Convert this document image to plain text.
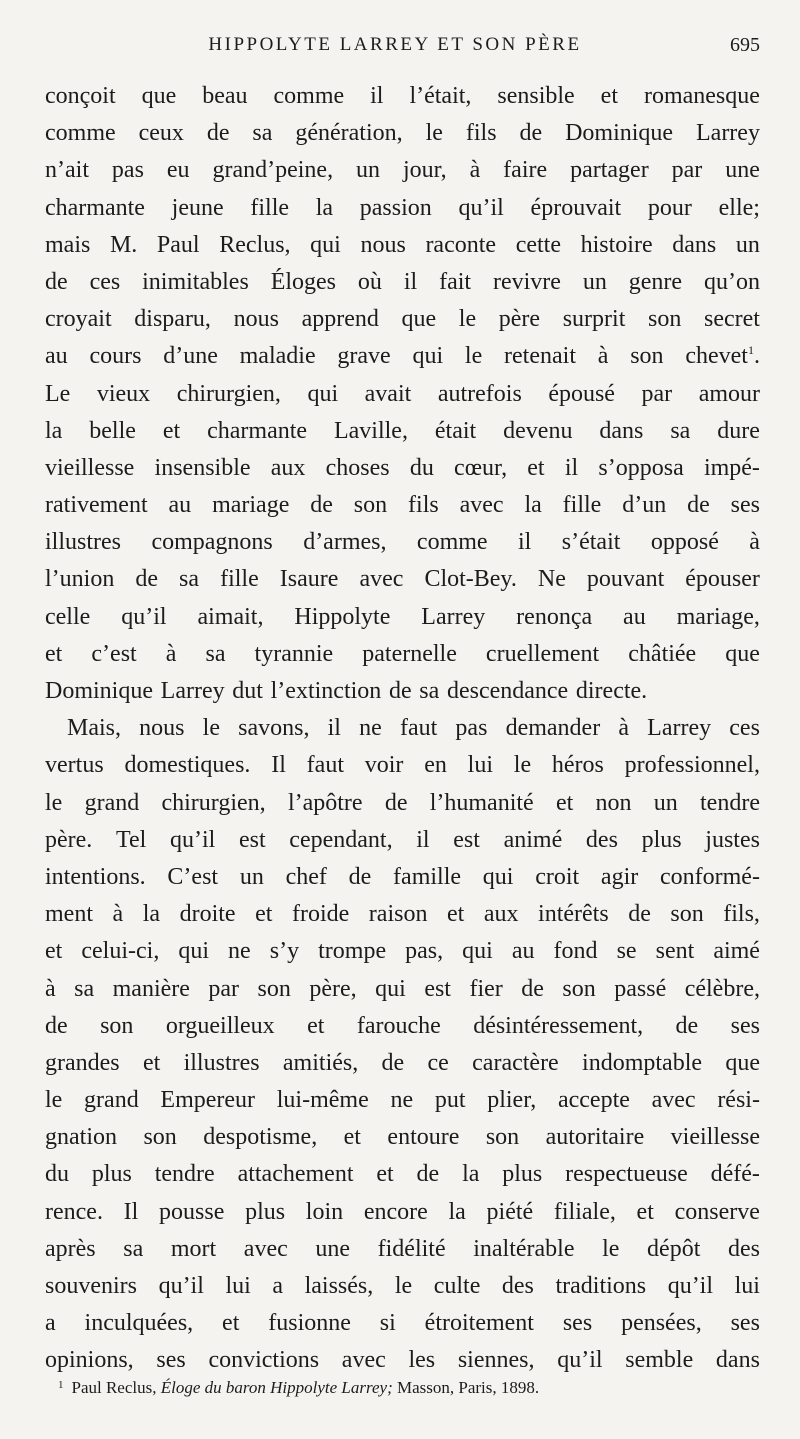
HIPPOLYTE LARREY ET SON PÈRE	695
conçoit que beau comme il l’était, sensible et romanesque
comme ceux de sa génération, le fils de Dominique Larrey
n’ait pas eu grand’peine, un jour, à faire partager par une
charmante jeune fille la passion qu’il éprouvait pour elle;
mais M. Paul Reclus, qui nous raconte cette histoire dans un
de ces inimitables Éloges où il fait revivre un genre qu’on
croyait disparu, nous apprend que le père surprit son secret
au cours d’une maladie grave qui le retenait à son chevet$^1$.
Le vieux chirurgien, qui avait autrefois épousé par amour
la belle et charmante Laville, était devenu dans sa dure
vieillesse insensible aux choses du cœur, et il s’opposa impé-
rativement au mariage de son fils avec la fille d’un de ses
illustres compagnons d’armes, comme il s’était opposé à
l’union de sa fille Isaure avec Clot-Bey. Ne pouvant épouser
celle qu’il aimait, Hippolyte Larrey renonça au mariage,
et c’est à sa tyrannie paternelle cruellement châtiée que
Dominique Larrey dut l’extinction de sa descendance directe.
Mais, nous le savons, il ne faut pas demander à Larrey ces
vertus domestiques. Il faut voir en lui le héros professionnel,
le grand chirurgien, l’apôtre de l’humanité et non un tendre
père. Tel qu’il est cependant, il est animé des plus justes
intentions. C’est un chef de famille qui croit agir conformé-
ment à la droite et froide raison et aux intérêts de son fils,
et celui-ci, qui ne s’y trompe pas, qui au fond se sent aimé
à sa manière par son père, qui est fier de son passé célèbre,
de son orgueilleux et farouche désintéressement, de ses
grandes et illustres amitiés, de ce caractère indomptable que
le grand Empereur lui-même ne put plier, accepte avec rési-
gnation son despotisme, et entoure son autoritaire vieillesse
du plus tendre attachement et de la plus respectueuse défé-
rence. Il pousse plus loin encore la piété filiale, et conserve
après sa mort avec une fidélité inaltérable le dépôt des
souvenirs qu’il lui a laissés, le culte des traditions qu’il lui
a inculquées, et fusionne si étroitement ses pensées, ses
opinions, ses convictions avec les siennes, qu’il semble dans
$^1$ Paul Reclus, Éloge du baron Hippolyte Larrey; Masson, Paris, 1898.
